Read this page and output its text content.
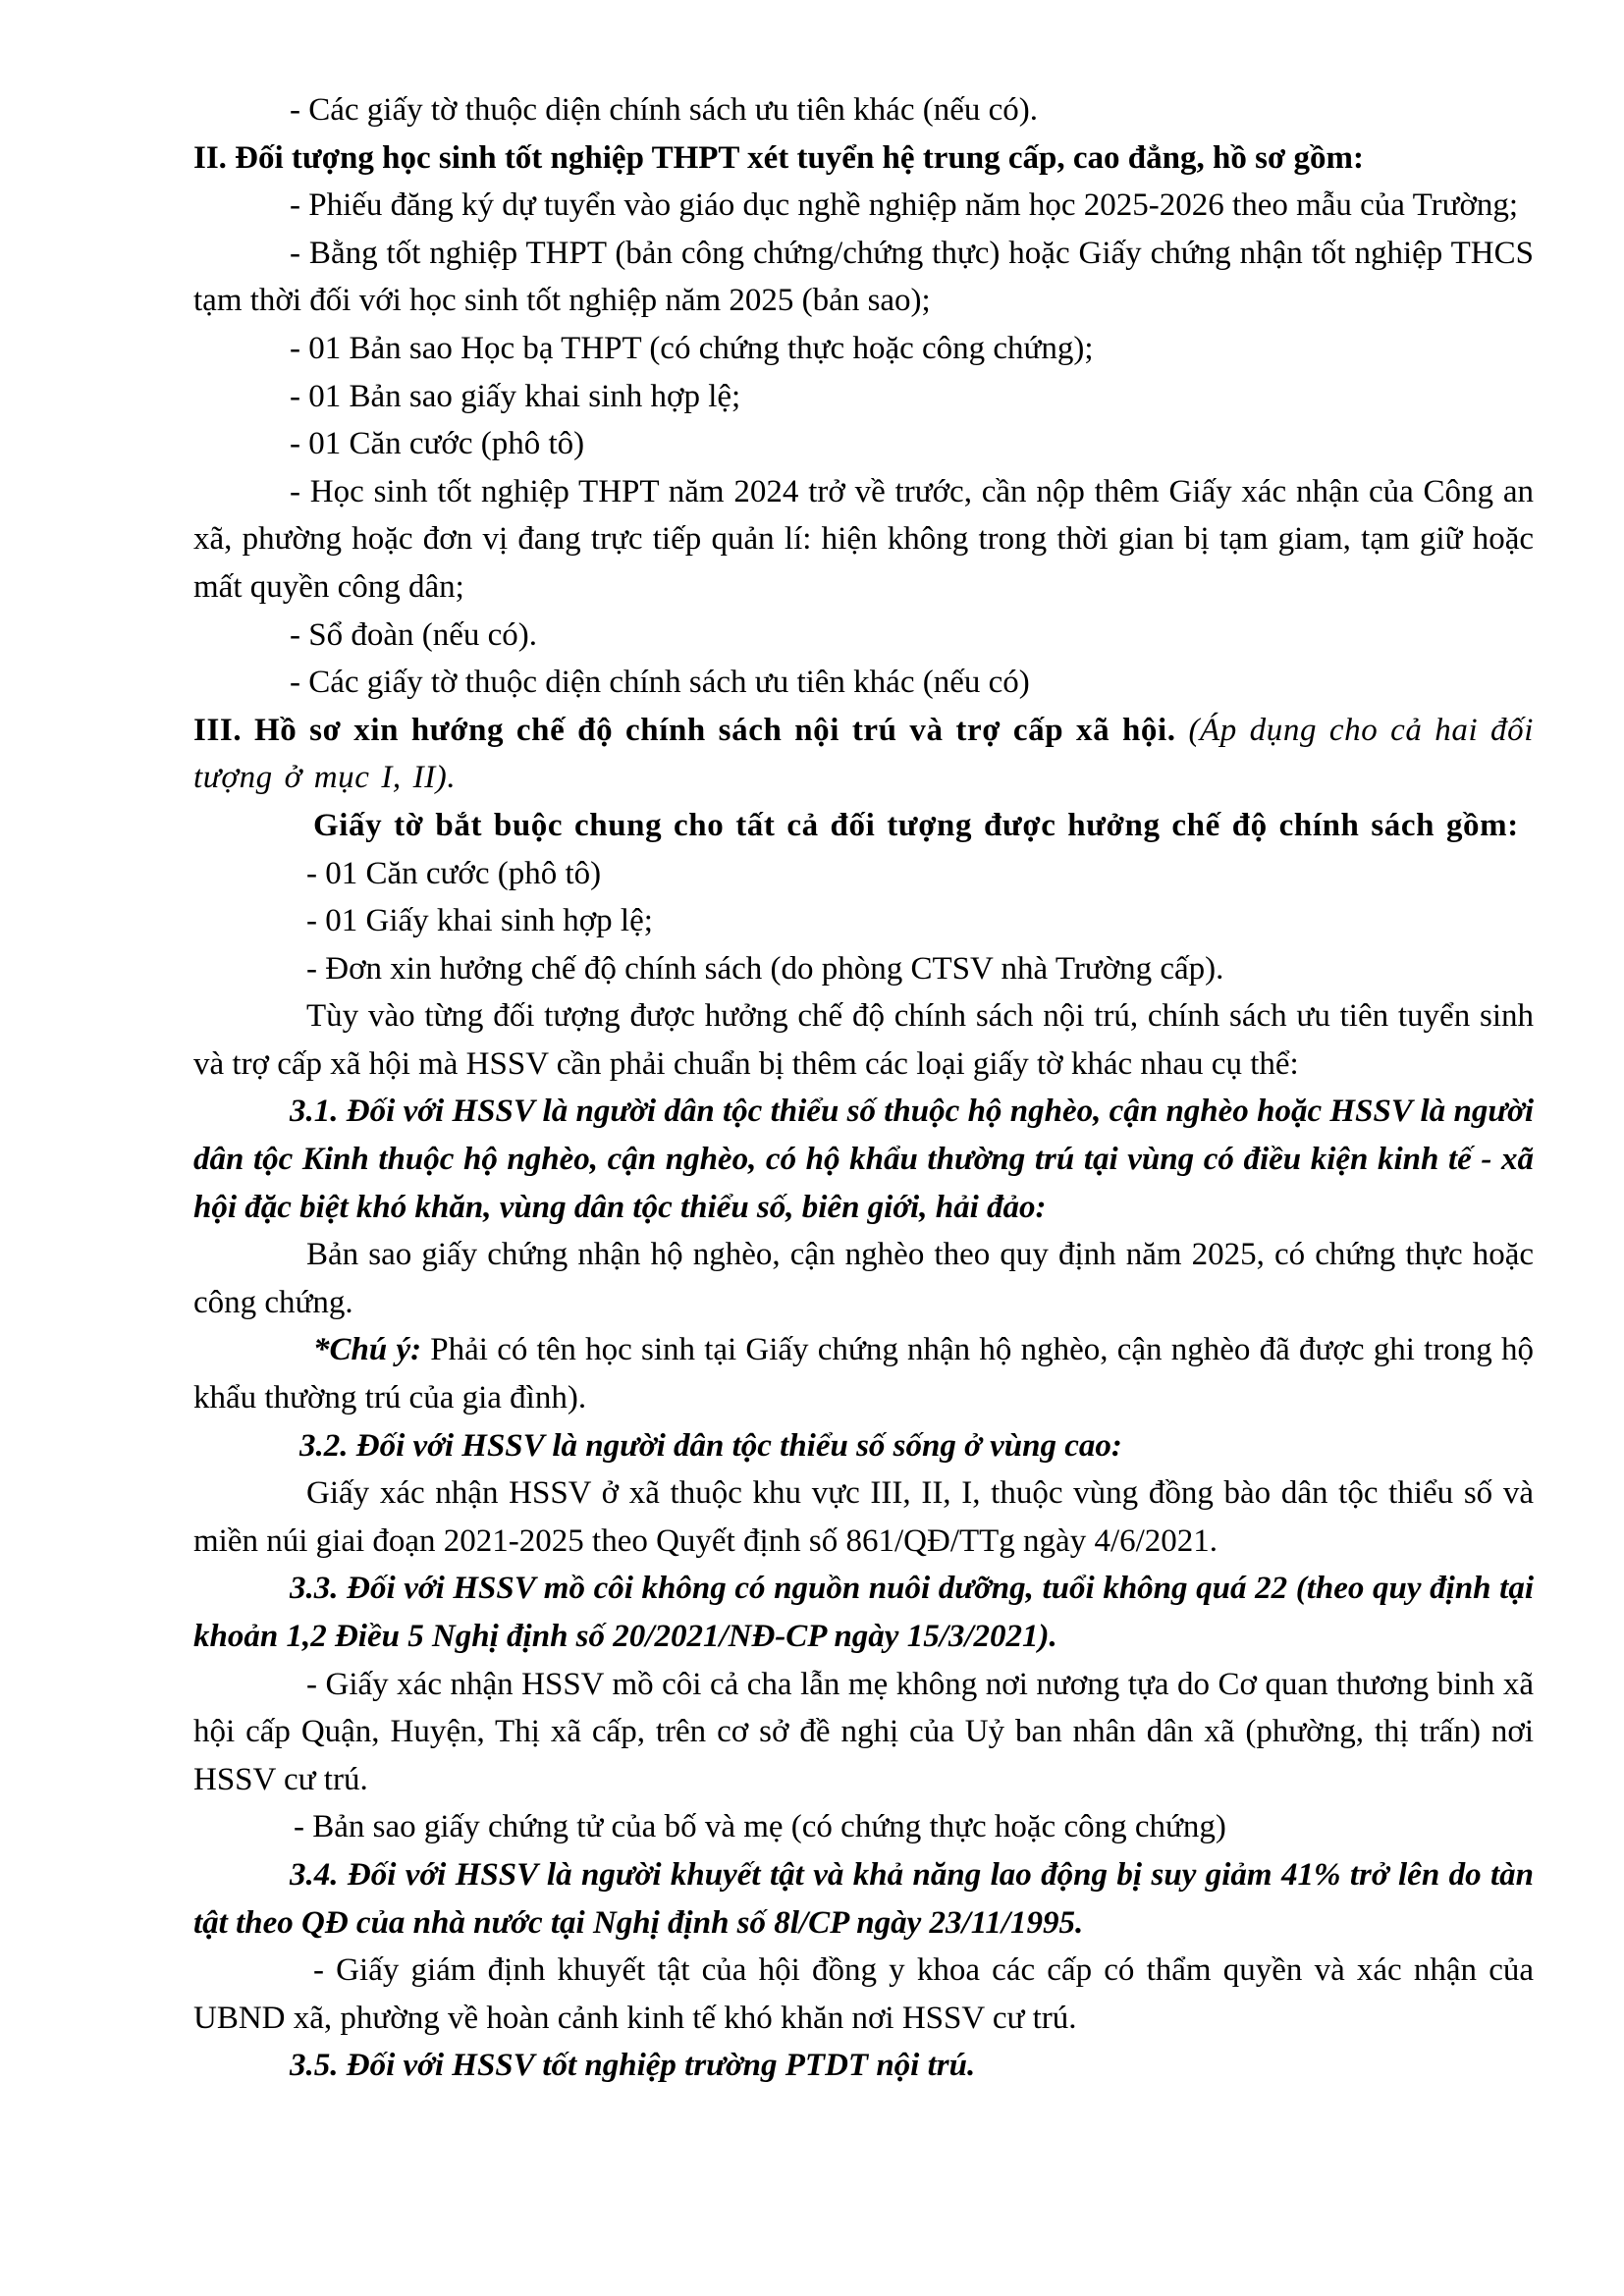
- Các giấy tờ thuộc diện chính sách ưu tiên khác (nếu có).

II. Đối tượng học sinh tốt nghiệp THPT xét tuyển hệ trung cấp, cao đẳng, hồ sơ gồm:

- Phiếu đăng ký dự tuyển vào giáo dục nghề nghiệp năm học 2025-2026 theo mẫu của Trường;

- Bằng tốt nghiệp THPT (bản công chứng/chứng thực) hoặc Giấy chứng nhận tốt nghiệp THCS tạm thời đối với học sinh tốt nghiệp năm 2025 (bản sao);

- 01 Bản sao Học bạ THPT (có chứng thực hoặc công chứng);

- 01 Bản sao giấy khai sinh hợp lệ;

- 01 Căn cước (phô tô)

- Học sinh tốt nghiệp THPT năm 2024 trở về trước, cần nộp thêm Giấy xác nhận của Công an xã, phường hoặc đơn vị đang trực tiếp quản lí: hiện không trong thời gian bị tạm giam, tạm giữ hoặc mất quyền công dân;

- Sổ đoàn (nếu có).

- Các giấy tờ thuộc diện chính sách ưu tiên khác (nếu có)

III. Hồ sơ xin hướng chế độ chính sách nội trú và trợ cấp xã hội. (Áp dụng cho cả hai đối tượng ở mục I, II).

Giấy tờ bắt buộc chung cho tất cả đối tượng được hưởng chế độ chính sách gồm:

- 01 Căn cước (phô tô)

- 01 Giấy khai sinh hợp lệ;

- Đơn xin hưởng chế độ chính sách (do phòng CTSV nhà Trường cấp).

Tùy vào từng đối tượng được hưởng chế độ chính sách nội trú, chính sách ưu tiên tuyển sinh và trợ cấp xã hội mà HSSV cần phải chuẩn bị thêm các loại giấy tờ khác nhau cụ thể:

3.1. Đối với HSSV là người dân tộc thiểu số thuộc hộ nghèo, cận nghèo hoặc HSSV là người dân tộc Kinh thuộc hộ nghèo, cận nghèo, có hộ khẩu thường trú tại vùng có điều kiện kinh tế - xã hội đặc biệt khó khăn, vùng dân tộc thiểu số, biên giới, hải đảo:

Bản sao giấy chứng nhận hộ nghèo, cận nghèo theo quy định năm 2025, có chứng thực hoặc công chứng.

*Chú ý: Phải có tên học sinh tại Giấy chứng nhận hộ nghèo, cận nghèo đã được ghi trong hộ khẩu thường trú của gia đình).

3.2. Đối với HSSV là người dân tộc thiểu số sống ở vùng cao:

Giấy xác nhận HSSV ở xã thuộc khu vực III, II, I, thuộc vùng đồng bào dân tộc thiểu số và miền núi giai đoạn 2021-2025 theo Quyết định số 861/QĐ/TTg ngày 4/6/2021.

3.3. Đối với HSSV mồ côi không có nguồn nuôi dưỡng, tuổi không quá 22 (theo quy định tại khoản 1,2 Điều 5 Nghị định số 20/2021/NĐ-CP ngày 15/3/2021).

- Giấy xác nhận HSSV mồ côi cả cha lẫn mẹ không nơi nương tựa do Cơ quan thương binh xã hội cấp Quận, Huyện, Thị xã cấp, trên cơ sở đề nghị của Uỷ ban nhân dân xã (phường, thị trấn) nơi HSSV cư trú.

- Bản sao giấy chứng tử của bố và mẹ (có chứng thực hoặc công chứng)

3.4. Đối với HSSV là người khuyết tật và khả năng lao động bị suy giảm 41% trở lên do tàn tật theo QĐ của nhà nước tại Nghị định số 8l/CP ngày 23/11/1995.

- Giấy giám định khuyết tật của hội đồng y khoa các cấp có thẩm quyền và xác nhận của UBND xã, phường về hoàn cảnh kinh tế khó khăn nơi HSSV cư trú.

3.5. Đối với HSSV tốt nghiệp trường PTDT nội trú.
